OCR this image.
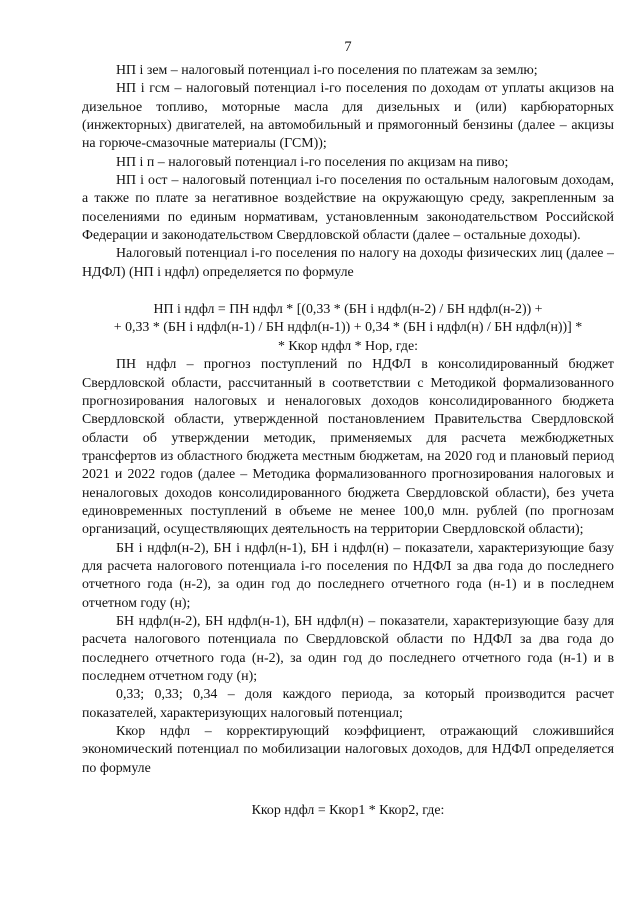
7

НП i зем – налоговый потенциал i-го поселения по платежам за землю;

НП i гсм – налоговый потенциал i-го поселения по доходам от уплаты акцизов на дизельное топливо, моторные масла для дизельных и (или) карбюраторных (инжекторных) двигателей, на автомобильный и прямогонный бензины (далее – акцизы на горюче-смазочные материалы (ГСМ));

НП i п – налоговый потенциал i-го поселения по акцизам на пиво;

НП i ост – налоговый потенциал i-го поселения по остальным налоговым доходам, а также по плате за негативное воздействие на окружающую среду, закрепленным за поселениями по единым нормативам, установленным законодательством Российской Федерации и законодательством Свердловской области (далее – остальные доходы).

Налоговый потенциал i-го поселения по налогу на доходы физических лиц (далее – НДФЛ) (НП i ндфл) определяется по формуле

НП i ндфл = ПН ндфл * [(0,33 * (БН i ндфл(н-2) / БН ндфл(н-2)) +

+ 0,33 * (БН i ндфл(н-1) / БН ндфл(н-1)) + 0,34 * (БН i ндфл(н) / БН ндфл(н))] *

* Ккор ндфл * Нор, где:

ПН ндфл – прогноз поступлений по НДФЛ в консолидированный бюджет Свердловской области, рассчитанный в соответствии с Методикой формализованного прогнозирования налоговых и неналоговых доходов консолидированного бюджета Свердловской области, утвержденной постановлением Правительства Свердловской области об утверждении методик, применяемых для расчета межбюджетных трансфертов из областного бюджета местным бюджетам, на 2020 год и плановый период 2021 и 2022 годов (далее – Методика формализованного прогнозирования налоговых и неналоговых доходов консолидированного бюджета Свердловской области), без учета единовременных поступлений в объеме не менее 100,0 млн. рублей (по прогнозам организаций, осуществляющих деятельность на территории Свердловской области);

БН i ндфл(н-2), БН i ндфл(н-1), БН i ндфл(н) – показатели, характеризующие базу для расчета налогового потенциала i-го поселения по НДФЛ за два года до последнего отчетного года (н-2), за один год до последнего отчетного года (н-1) и в последнем отчетном году (н);

БН ндфл(н-2), БН ндфл(н-1), БН ндфл(н) – показатели, характеризующие базу для расчета налогового потенциала по Свердловской области по НДФЛ за два года до последнего отчетного года (н-2), за один год до последнего отчетного года (н-1) и в последнем отчетном году (н);

0,33; 0,33; 0,34 – доля каждого периода, за который производится расчет показателей, характеризующих налоговый потенциал;

Ккор ндфл – корректирующий коэффициент, отражающий сложившийся экономический потенциал по мобилизации налоговых доходов, для НДФЛ определяется по формуле

Ккор ндфл = Ккор1 * Ккор2, где:
